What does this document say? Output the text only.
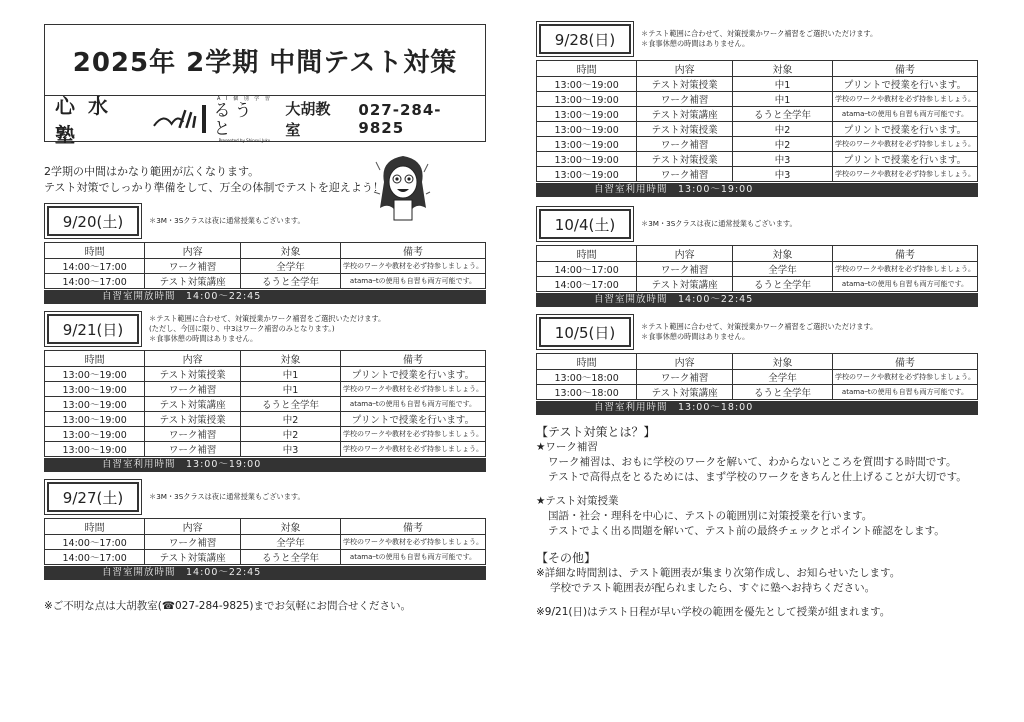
2025年 2学期 中間テスト対策
心 水 塾
A I 個 別 学 習
るうと
Presented by Shinsui Juku
大胡教室
027-284-9825
2学期の中間はかなり範囲が広くなります。
テスト対策でしっかり準備をして、万全の体制でテストを迎えよう！
9/20(土)	＊3M・3Sクラスは夜に通常授業もございます。
時間	内容	対象	備考
14:00～17:00	ワーク補習	全学年	学校のワークや教材を必ず持参しましょう。
14:00～17:00	テスト対策講座	るうと全学年	atamaｰtの使用も自習も両方可能です。
自習室開放時間　14:00～22:45
9/21(日)
＊テスト範囲に合わせて、対策授業かワーク補習をご選択いただけます。
(ただし、今回に限り、中3はワーク補習のみとなります。)
＊食事休憩の時間はありません。
時間	内容	対象	備考
13:00～19:00	テスト対策授業	中1	プリントで授業を行います。
13:00～19:00	ワーク補習	中1	学校のワークや教材を必ず持参しましょう。
13:00～19:00	テスト対策講座	るうと全学年	atamaｰtの使用も自習も両方可能です。
13:00～19:00	テスト対策授業	中2	プリントで授業を行います。
13:00～19:00	ワーク補習	中2	学校のワークや教材を必ず持参しましょう。
13:00～19:00	ワーク補習	中3	学校のワークや教材を必ず持参しましょう。
自習室利用時間　13:00～19:00
9/27(土)	＊3M・3Sクラスは夜に通常授業もございます。
時間	内容	対象	備考
14:00～17:00	ワーク補習	全学年	学校のワークや教材を必ず持参しましょう。
14:00～17:00	テスト対策講座	るうと全学年	atamaｰtの使用も自習も両方可能です。
自習室開放時間　14:00～22:45
※ご不明な点は大胡教室(☎027-284-9825)までお気軽にお問合せください。
9/28(日)	＊テスト範囲に合わせて、対策授業かワーク補習をご選択いただけます。
＊食事休憩の時間はありません。
時間	内容	対象	備考
13:00～19:00	テスト対策授業	中1	プリントで授業を行います。
13:00～19:00	ワーク補習	中1	学校のワークや教材を必ず持参しましょう。
13:00～19:00	テスト対策講座	るうと全学年	atamaｰtの使用も自習も両方可能です。
13:00～19:00	テスト対策授業	中2	プリントで授業を行います。
13:00～19:00	ワーク補習	中2	学校のワークや教材を必ず持参しましょう。
13:00～19:00	テスト対策授業	中3	プリントで授業を行います。
13:00～19:00	ワーク補習	中3	学校のワークや教材を必ず持参しましょう。
自習室利用時間　13:00～19:00
10/4(土)	＊3M・3Sクラスは夜に通常授業もございます。
時間	内容	対象	備考
14:00～17:00	ワーク補習	全学年	学校のワークや教材を必ず持参しましょう。
14:00～17:00	テスト対策講座	るうと全学年	atamaｰtの使用も自習も両方可能です。
自習室開放時間　14:00～22:45
10/5(日)	＊テスト範囲に合わせて、対策授業かワーク補習をご選択いただけます。
＊食事休憩の時間はありません。
時間	内容	対象	備考
13:00～18:00	ワーク補習	全学年	学校のワークや教材を必ず持参しましょう。
13:00～18:00	テスト対策講座	るうと全学年	atamaｰtの使用も自習も両方可能です。
自習室利用時間　13:00～18:00
【テスト対策とは？】
★ワーク補習
ワーク補習は、おもに学校のワークを解いて、わからないところを質問する時間です。
テストで高得点をとるためには、まず学校のワークをきちんと仕上げることが大切です。
★テスト対策授業
国語・社会・理科を中心に、テストの範囲別に対策授業を行います。
テストでよく出る問題を解いて、テスト前の最終チェックとポイント確認をします。
【その他】
※詳細な時間割は、テスト範囲表が集まり次第作成し、お知らせいたします。
学校でテスト範囲表が配られましたら、すぐに塾へお持ちください。
※9/21(日)はテスト日程が早い学校の範囲を優先として授業が組まれます。
